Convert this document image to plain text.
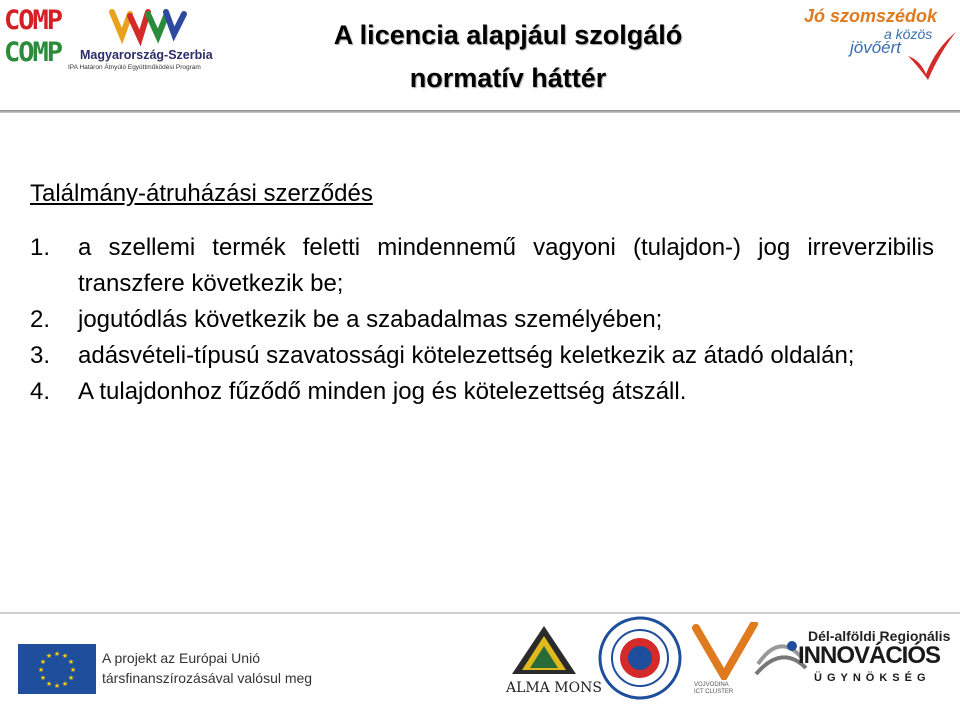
COMP
COMP	Magyarország-Szerbia
IPA Határon Átnyúló Együttműködési Program
A licencia alapjául szolgáló
normatív háttér
Jó szomszédok
a közös
jövőért
Találmány-átruházási szerződés
1. a szellemi termék feletti mindennemű vagyoni (tulajdon-) jog irreverzibilis transzfere következik be;
2. jogutódlás következik be a szabadalmas személyében;
3. adásvételi-típusú szavatossági kötelezettség keletkezik az átadó oldalán;
4. A tulajdonhoz fűződő minden jog és kötelezettség átszáll.
★ ★
★
★
★
★
★
★
★
★
★
★	A projekt az Európai Unió
társfinanszírozásával valósul meg
ALMA MONS	VOJVODINA
ICT CLUSTER
Dél-alföldi Regionális
INNOVÁCIÓS
ÜGYNÖKSÉG
